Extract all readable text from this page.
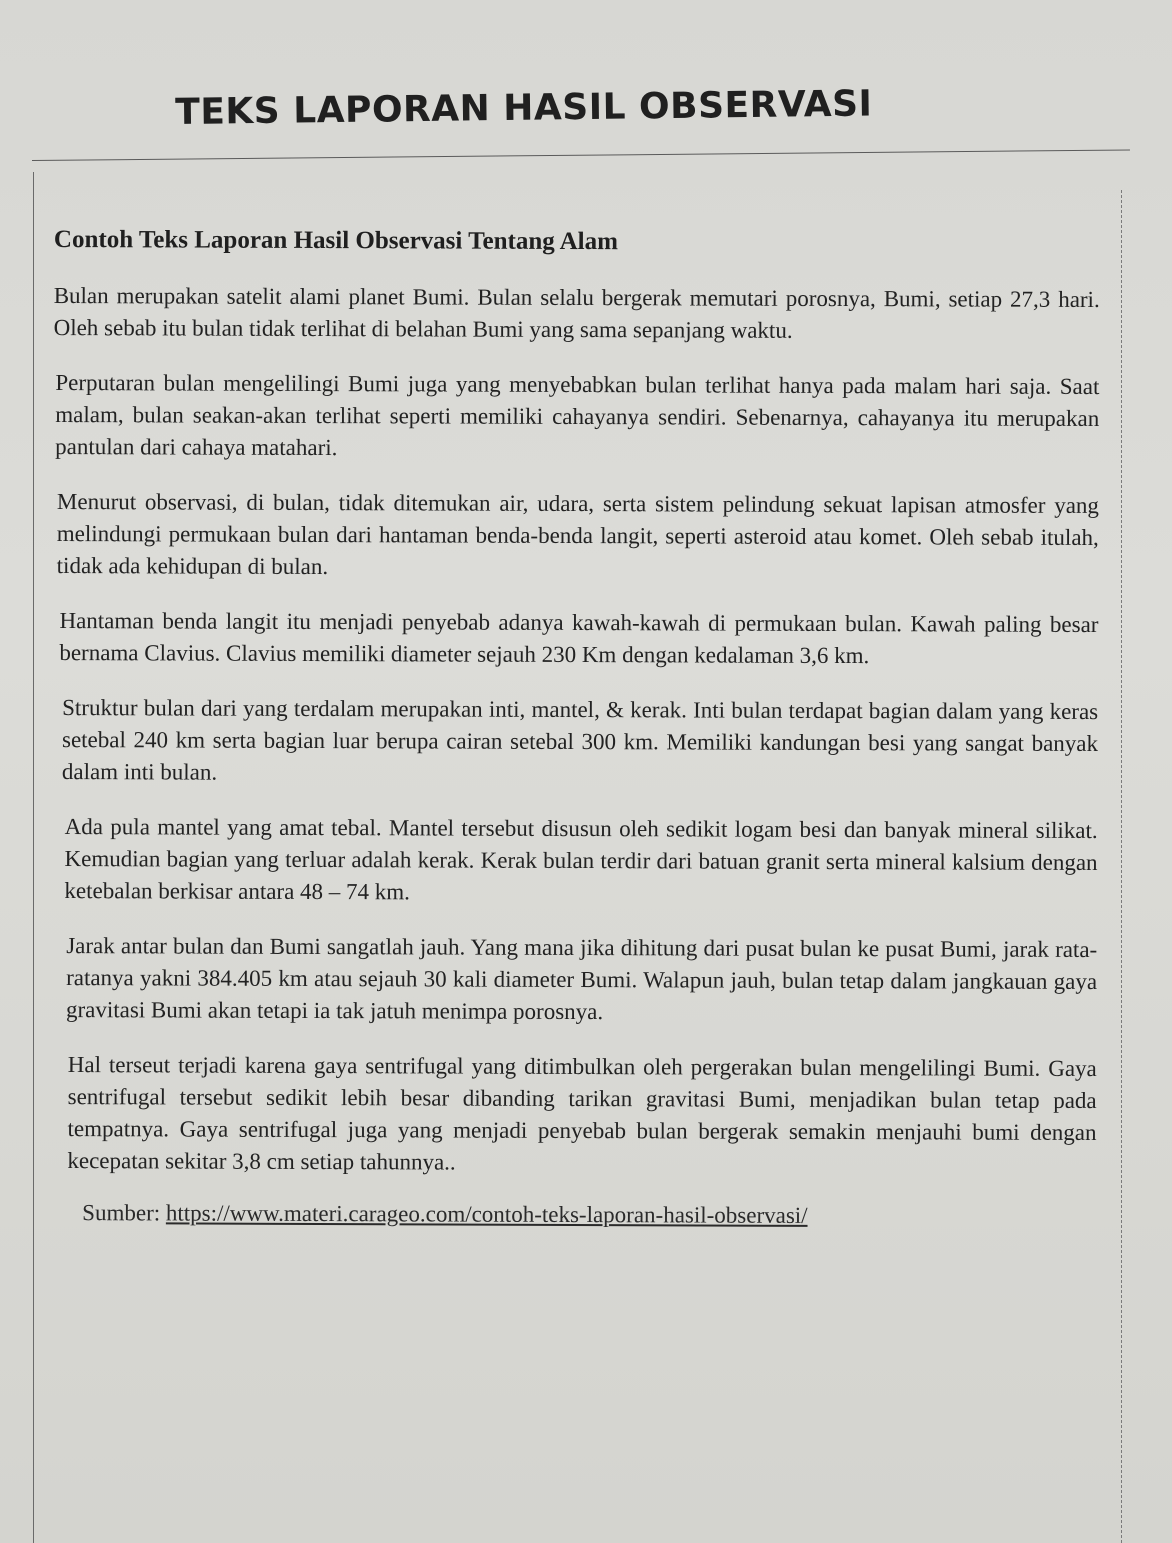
TEKS LAPORAN HASIL OBSERVASI
Contoh Teks Laporan Hasil Observasi Tentang Alam

Bulan merupakan satelit alami planet Bumi. Bulan selalu bergerak memutari porosnya, Bumi, setiap 27,3 hari. Oleh sebab itu bulan tidak terlihat di belahan Bumi yang sama sepanjang waktu.

Perputaran bulan mengelilingi Bumi juga yang menyebabkan bulan terlihat hanya pada malam hari saja. Saat malam, bulan seakan-akan terlihat seperti memiliki cahayanya sendiri. Sebenarnya, cahayanya itu merupakan pantulan dari cahaya matahari.

Menurut observasi, di bulan, tidak ditemukan air, udara, serta sistem pelindung sekuat lapisan atmosfer yang melindungi permukaan bulan dari hantaman benda-benda langit, seperti asteroid atau komet. Oleh sebab itulah, tidak ada kehidupan di bulan.

Hantaman benda langit itu menjadi penyebab adanya kawah-kawah di permukaan bulan. Kawah paling besar bernama Clavius. Clavius memiliki diameter sejauh 230 Km dengan kedalaman 3,6 km.

Struktur bulan dari yang terdalam merupakan inti, mantel, & kerak. Inti bulan terdapat bagian dalam yang keras setebal 240 km serta bagian luar berupa cairan setebal 300 km. Memiliki kandungan besi yang sangat banyak dalam inti bulan.

Ada pula mantel yang amat tebal. Mantel tersebut disusun oleh sedikit logam besi dan banyak mineral silikat. Kemudian bagian yang terluar adalah kerak. Kerak bulan terdir dari batuan granit serta mineral kalsium dengan ketebalan berkisar antara 48 – 74 km.

Jarak antar bulan dan Bumi sangatlah jauh. Yang mana jika dihitung dari pusat bulan ke pusat Bumi, jarak rata-ratanya yakni 384.405 km atau sejauh 30 kali diameter Bumi. Walapun jauh, bulan tetap dalam jangkauan gaya gravitasi Bumi akan tetapi ia tak jatuh menimpa porosnya.

Hal terseut terjadi karena gaya sentrifugal yang ditimbulkan oleh pergerakan bulan mengelilingi Bumi. Gaya sentrifugal tersebut sedikit lebih besar dibanding tarikan gravitasi Bumi, menjadikan bulan tetap pada tempatnya. Gaya sentrifugal juga yang menjadi penyebab bulan bergerak semakin menjauhi bumi dengan kecepatan sekitar 3,8 cm setiap tahunnya..

Sumber: https://www.materi.carageo.com/contoh-teks-laporan-hasil-observasi/
